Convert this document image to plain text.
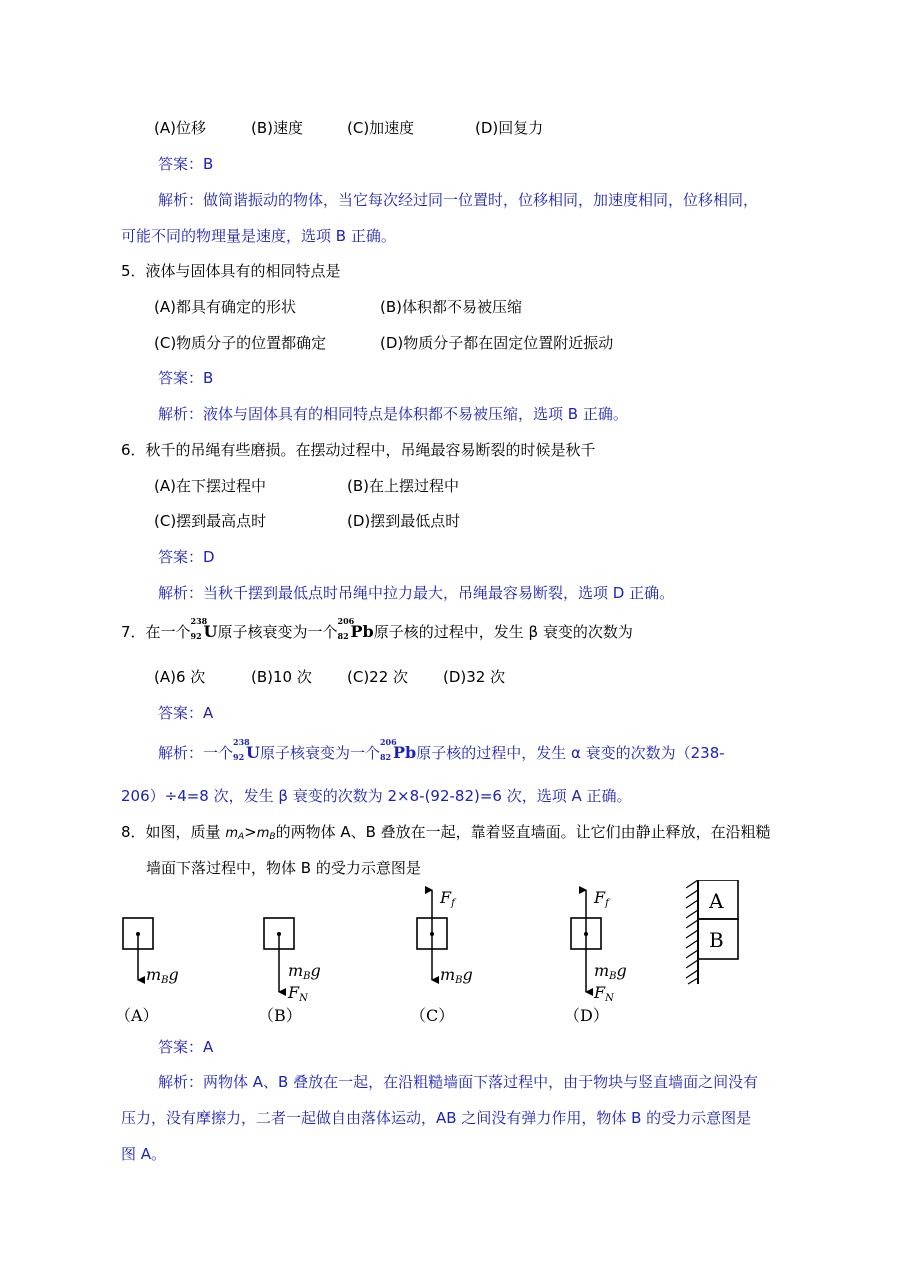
(A)位移	(B)速度	(C)加速度	(D)回复力
答案：B
解析：做简谐振动的物体，当它每次经过同一位置时，位移相同，加速度相同，位移相同，
可能不同的物理量是速度，选项 B 正确。
5．液体与固体具有的相同特点是
(A)都具有确定的形状	(B)体积都不易被压缩
(C)物质分子的位置都确定	(D)物质分子都在固定位置附近振动
答案：B
解析：液体与固体具有的相同特点是体积都不易被压缩，选项 B 正确。
6．秋千的吊绳有些磨损。在摆动过程中，吊绳最容易断裂的时候是秋千
(A)在下摆过程中	(B)在上摆过程中
(C)摆到最高点时	(D)摆到最低点时
答案：D
解析：当秋千摆到最低点时吊绳中拉力最大，吊绳最容易断裂，选项 D 正确。
7．在一个
238
92 U原子核衰变为一个
206
82 Pb原子核的过程中，发生 β 衰变的次数为
(A)6 次	(B)10 次 (C)22 次 (D)32 次
答案：A
解析：一个
238
92 U原子核衰变为一个
206
82 Pb原子核的过程中，发生 α 衰变的次数为（238-
206）÷4=8 次，发生 β 衰变的次数为 2×8-(92-82)=6 次，选项 A 正确。
8．如图，质量 $m_A>m_B$的两物体 A、B 叠放在一起，靠着竖直墙面。让它们由静止释放，在沿粗糙
墙面下落过程中，物体 B 的受力示意图是
mBg
（A）
mBg
FN
（B）
Ff
mBg
（C）
Ff
mBg
FN
（D）
A
B
答案：A
解析：两物体 A、B 叠放在一起，在沿粗糙墙面下落过程中，由于物块与竖直墙面之间没有
压力，没有摩擦力，二者一起做自由落体运动，AB 之间没有弹力作用，物体 B 的受力示意图是
图 A。
